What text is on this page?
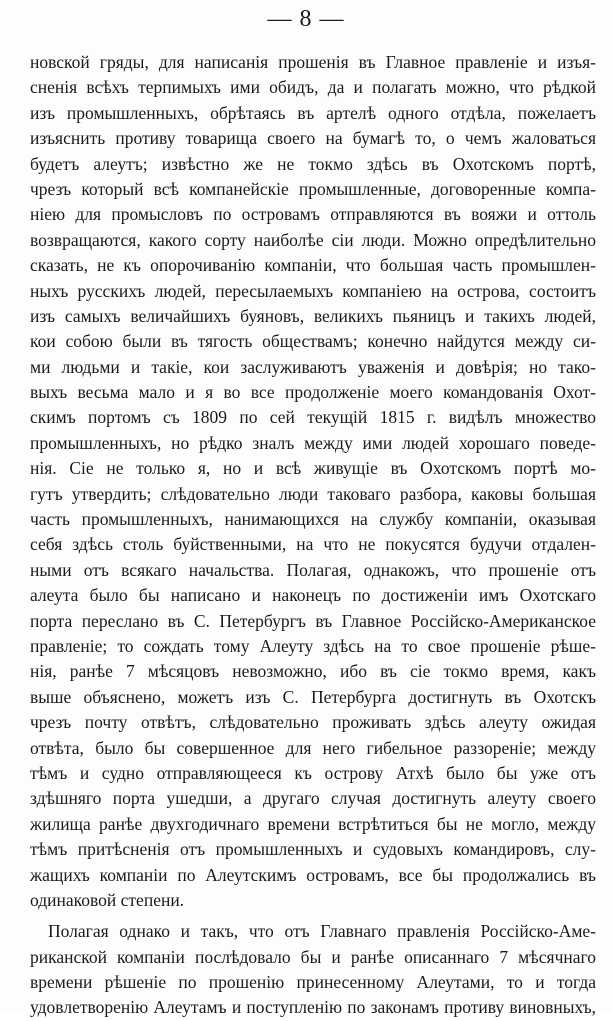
— 8 —
новской гряды, для написанія прошенія въ Главное правленіе и изъя-
сненія всѣхъ терпимыхъ ими обидъ, да и полагать можно, что рѣдкой
изъ промышленныхъ, обрѣтаясь въ артелѣ одного отдѣла, пожелаетъ
изъяснить противу товарища своего на бумагѣ то, о чемъ жаловаться
будетъ алеутъ; извѣстно же не токмо здѣсь въ Охотскомъ портѣ,
чрезъ который всѣ компанейскіе промышленные, договоренные компа-
ніею для промысловъ по островамъ отправляются въ вояжи и оттоль
возвращаются, какого сорту наиболѣе сіи люди. Можно опредѣлительно
сказать, не къ опорочиванію компаніи, что большая часть промышлен-
ныхъ русскихъ людей, пересылаемыхъ компаніею на острова, состоитъ
изъ самыхъ величайшихъ буяновъ, великихъ пьяницъ и такихъ людей,
кои собою были въ тягость обществамъ; конечно найдутся между си-
ми людьми и такіе, кои заслуживаютъ уваженія и довѣрія; но тако-
выхъ весьма мало и я во все продолженіе моего командованія Охот-
скимъ портомъ съ 1809 по сей текущій 1815 г. видѣлъ множество
промышленныхъ, но рѣдко зналъ между ими людей хорошаго поведе-
нія. Сіе не только я, но и всѣ живущіе въ Охотскомъ портѣ мо-
гутъ утвердить; слѣдовательно люди таковаго разбора, каковы большая
часть промышленныхъ, нанимающихся на службу компаніи, оказывая
себя здѣсь столь буйственными, на что не покусятся будучи отдален-
ными отъ всякаго начальства. Полагая, однакожъ, что прошеніе отъ
алеута было бы написано и наконецъ по достиженіи имъ Охотскаго
порта переслано въ С. Петербургъ въ Главное Россійско-Американское
правленіе; то сождать тому Алеуту здѣсь на то свое прошеніе рѣше-
нія, ранѣе 7 мѣсяцовъ невозможно, ибо въ сіе токмо время, какъ
выше объяснено, можетъ изъ С. Петербурга достигнуть въ Охотскъ
чрезъ почту отвѣтъ, слѣдовательно проживать здѣсь алеуту ожидая
отвѣта, было бы совершенное для него гибельное раззореніе; между
тѣмъ и судно отправляющееся къ острову Атхѣ было бы уже отъ
здѣшняго порта ушедши, а другаго случая достигнуть алеуту своего
жилища ранѣе двухгодичнаго времени встрѣтиться бы не могло, между
тѣмъ притѣсненія отъ промышленныхъ и судовыхъ командировъ, слу-
жащихъ компаніи по Алеутскимъ островамъ, все бы продолжались въ
одинаковой степени.
Полагая однако и такъ, что отъ Главнаго правленія Россійско-Аме-
риканской компаніи послѣдовало бы и ранѣе описаннаго 7 мѣсячнаго
времени рѣшеніе по прошенію принесенному Алеутами, то и тогда
удовлетворенію Алеутамъ и поступленію по законамъ противу виновныхъ,
